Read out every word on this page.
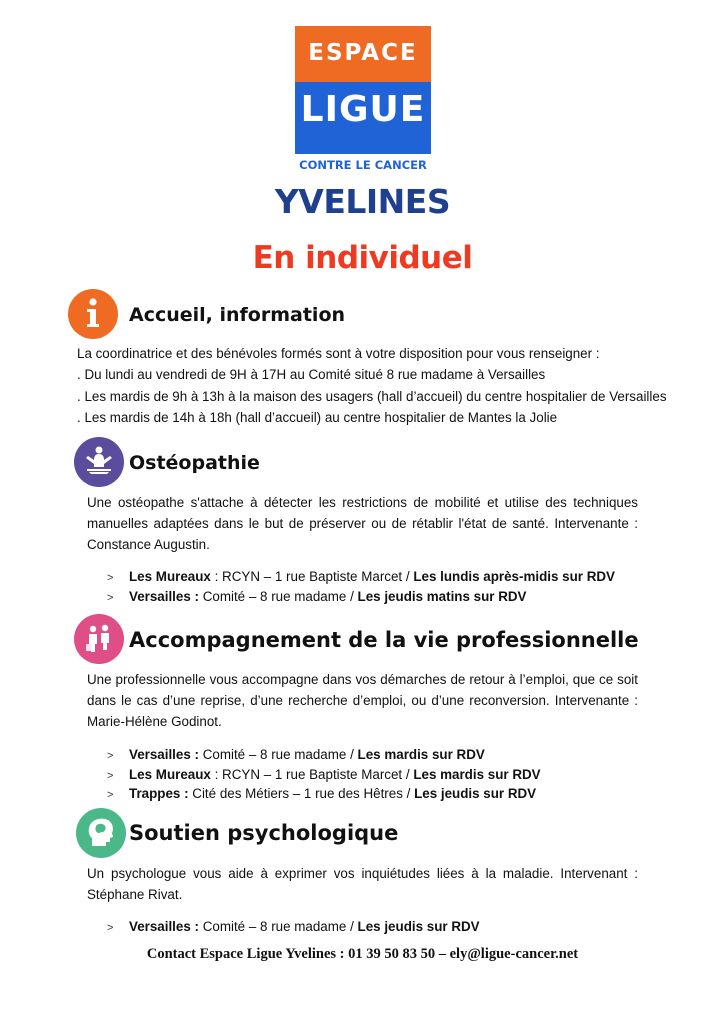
ESPACE
LIGUE
CONTRE LE CANCER
YVELINES
En individuel
Accueil, information
La coordinatrice et des bénévoles formés sont à votre disposition pour vous renseigner :
. Du lundi au vendredi de 9H à 17H au Comité situé 8 rue madame à Versailles
. Les mardis de 9h à 13h à la maison des usagers (hall d’accueil) du centre hospitalier de Versailles
. Les mardis de 14h à 18h (hall d’accueil) au centre hospitalier de Mantes la Jolie
Ostéopathie
Une ostéopathe s'attache à détecter les restrictions de mobilité et utilise des techniques manuelles adaptées dans le but de préserver ou de rétablir l'état de santé. Intervenante : Constance Augustin.
> Les Mureaux : RCYN – 1 rue Baptiste Marcet / Les lundis après-midis sur RDV
> Versailles : Comité – 8 rue madame / Les jeudis matins sur RDV
Accompagnement de la vie professionnelle
Une professionnelle vous accompagne dans vos démarches de retour à l’emploi, que ce soit dans le cas d’une reprise, d’une recherche d’emploi, ou d’une reconversion. Intervenante : Marie-Hélène Godinot.
> Versailles : Comité – 8 rue madame / Les mardis sur RDV
> Les Mureaux : RCYN – 1 rue Baptiste Marcet / Les mardis sur RDV
> Trappes : Cité des Métiers – 1 rue des Hêtres / Les jeudis sur RDV
Soutien psychologique
Un psychologue vous aide à exprimer vos inquiétudes liées à la maladie. Intervenant : Stéphane Rivat.
> Versailles : Comité – 8 rue madame / Les jeudis sur RDV
Contact Espace Ligue Yvelines : 01 39 50 83 50 – ely@ligue-cancer.net
